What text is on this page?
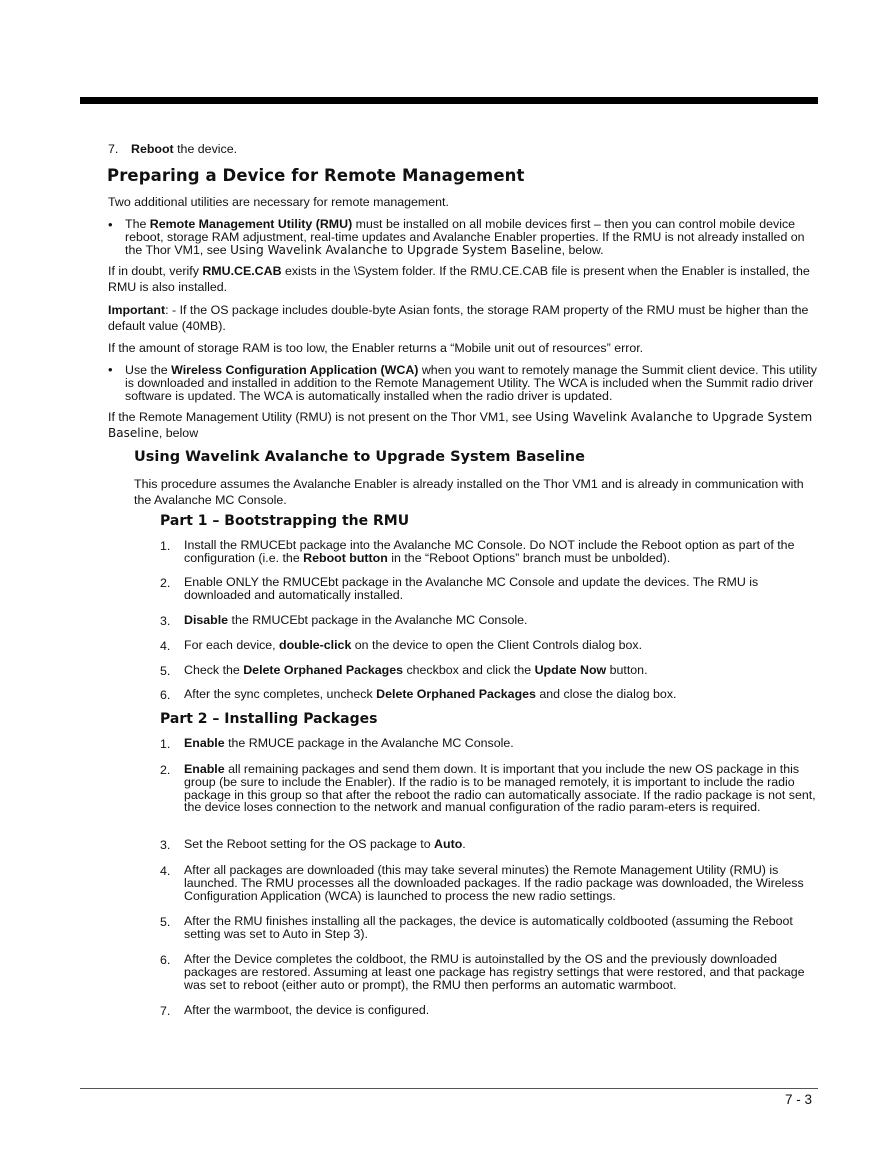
7. Reboot the device.
Preparing a Device for Remote Management
Two additional utilities are necessary for remote management.
• The Remote Management Utility (RMU) must be installed on all mobile devices first – then you can control mobile device reboot, storage RAM adjustment, real-time updates and Avalanche Enabler properties. If the RMU is not already installed on the Thor VM1, see Using Wavelink Avalanche to Upgrade System Baseline, below.
If in doubt, verify RMU.CE.CAB exists in the \System folder. If the RMU.CE.CAB file is present when the Enabler is installed, the RMU is also installed.
Important: - If the OS package includes double-byte Asian fonts, the storage RAM property of the RMU must be higher than the default value (40MB).
If the amount of storage RAM is too low, the Enabler returns a “Mobile unit out of resources” error.
• Use the Wireless Configuration Application (WCA) when you want to remotely manage the Summit client device. This utility is downloaded and installed in addition to the Remote Management Utility. The WCA is included when the Summit radio driver software is updated. The WCA is automatically installed when the radio driver is updated.
If the Remote Management Utility (RMU) is not present on the Thor VM1, see Using Wavelink Avalanche to Upgrade System Baseline, below
Using Wavelink Avalanche to Upgrade System Baseline
This procedure assumes the Avalanche Enabler is already installed on the Thor VM1 and is already in communication with the Avalanche MC Console.
Part 1 – Bootstrapping the RMU
1. Install the RMUCEbt package into the Avalanche MC Console. Do NOT include the Reboot option as part of the configuration (i.e. the Reboot button in the “Reboot Options” branch must be unbolded).
2. Enable ONLY the RMUCEbt package in the Avalanche MC Console and update the devices. The RMU is downloaded and automatically installed.
3. Disable the RMUCEbt package in the Avalanche MC Console.
4. For each device, double-click on the device to open the Client Controls dialog box.
5. Check the Delete Orphaned Packages checkbox and click the Update Now button.
6. After the sync completes, uncheck Delete Orphaned Packages and close the dialog box.
Part 2 – Installing Packages
1. Enable the RMUCE package in the Avalanche MC Console.
2. Enable all remaining packages and send them down. It is important that you include the new OS package in this group (be sure to include the Enabler). If the radio is to be managed remotely, it is important to include the radio package in this group so that after the reboot the radio can automatically associate. If the radio package is not sent, the device loses connection to the network and manual configuration of the radio param-eters is required.
3. Set the Reboot setting for the OS package to Auto.
4. After all packages are downloaded (this may take several minutes) the Remote Management Utility (RMU) is launched. The RMU processes all the downloaded packages. If the radio package was downloaded, the Wireless Configuration Application (WCA) is launched to process the new radio settings.
5. After the RMU finishes installing all the packages, the device is automatically coldbooted (assuming the Reboot setting was set to Auto in Step 3).
6. After the Device completes the coldboot, the RMU is autoinstalled by the OS and the previously downloaded packages are restored. Assuming at least one package has registry settings that were restored, and that package was set to reboot (either auto or prompt), the RMU then performs an automatic warmboot.
7. After the warmboot, the device is configured.
7 - 3
